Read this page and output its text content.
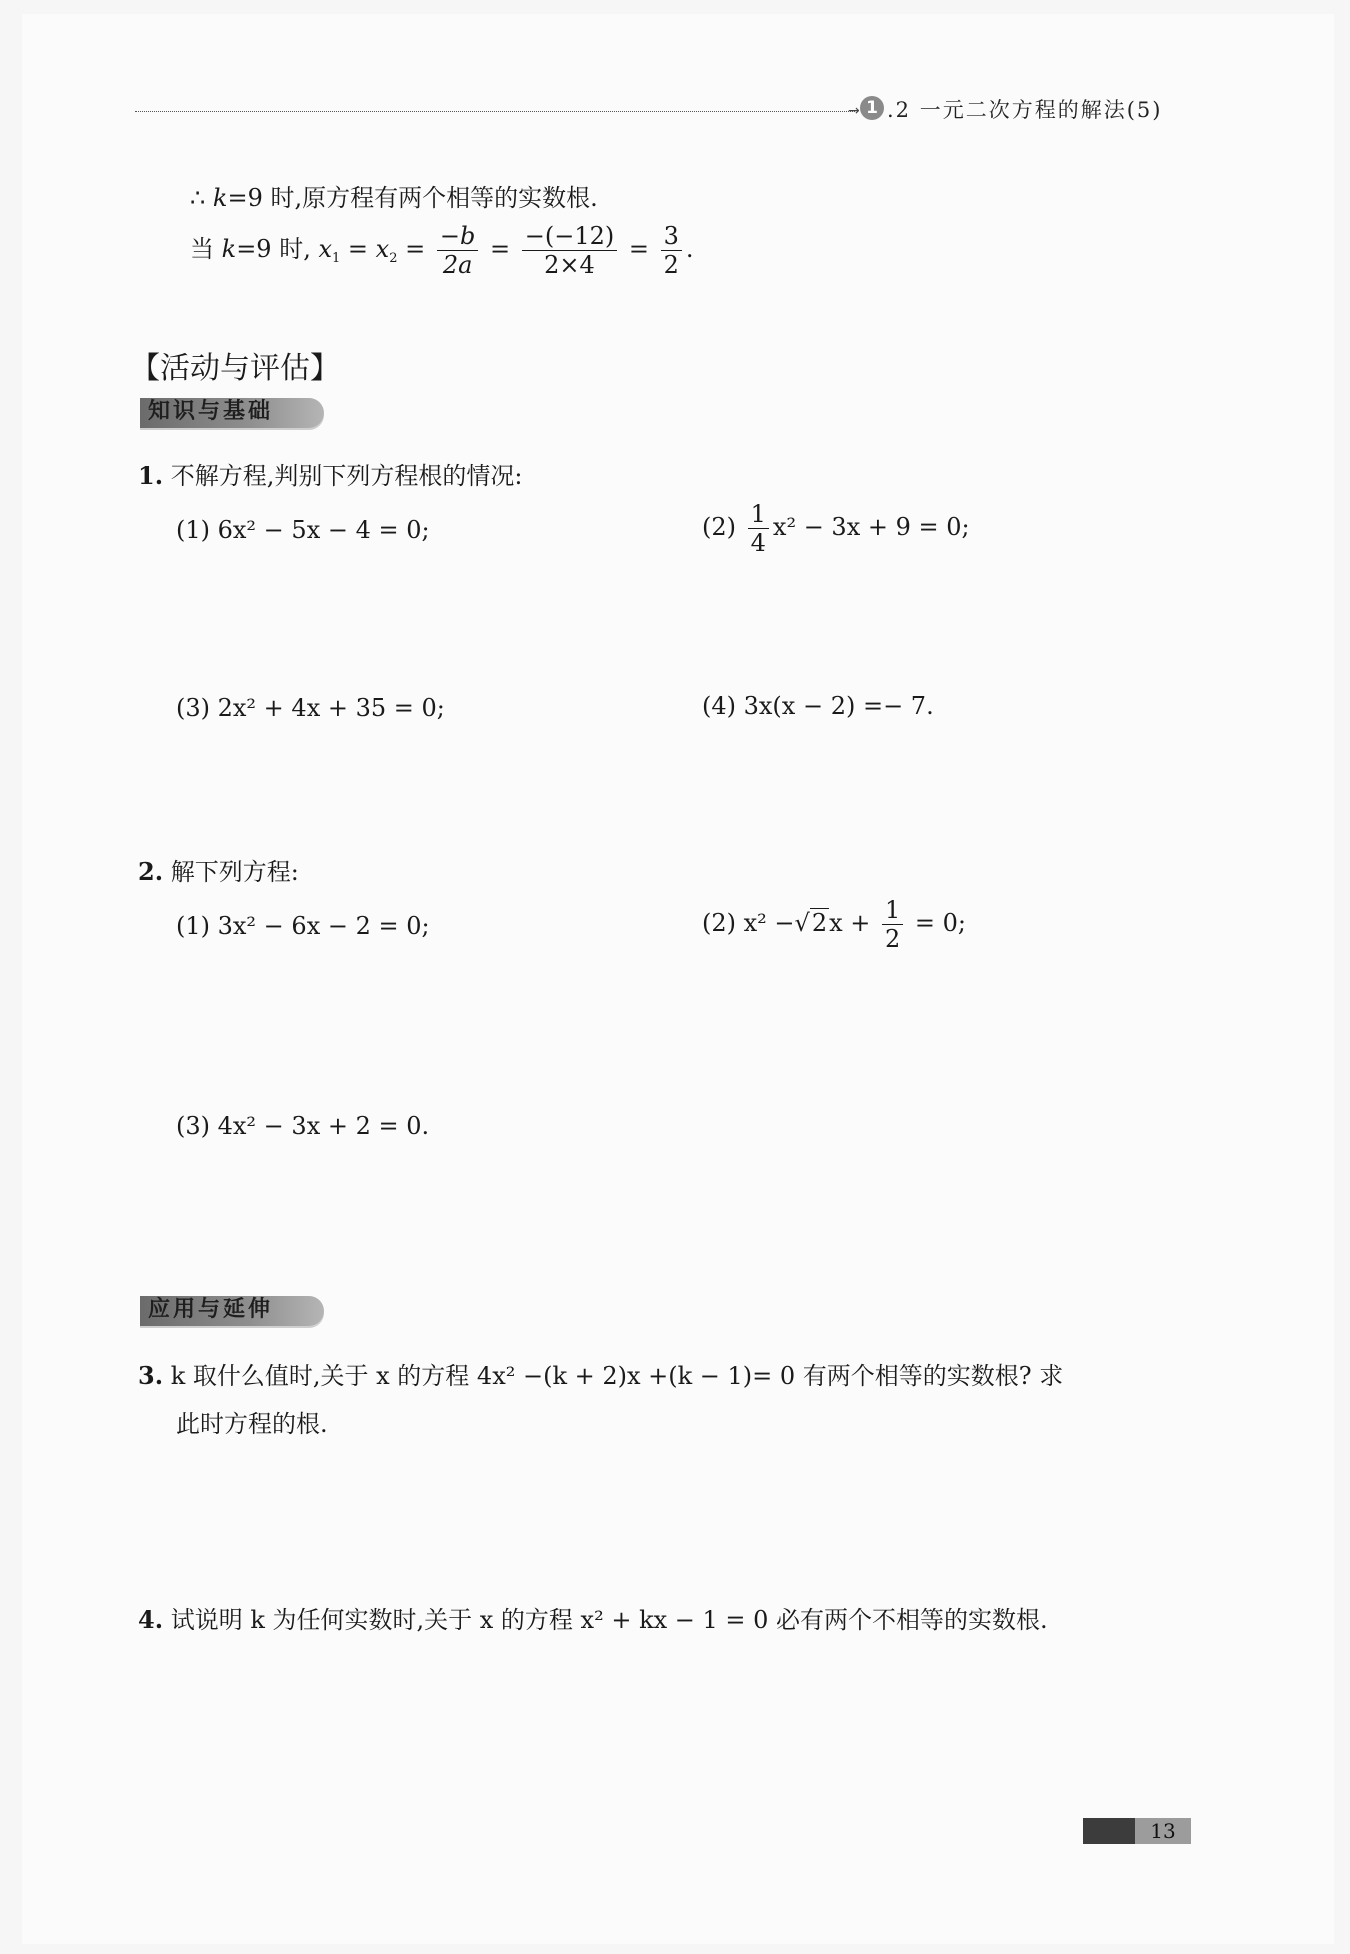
→ 1 .2 一元二次方程的解法(5)
∴ k=9 时,原方程有两个相等的实数根.
当 k=9 时, $x_1 = x_2 = \frac{-b}{2a} = \frac{-(-12)}{2\times 4} = \frac{3}{2}$ .
【活动与评估】
知识与基础
1. 不解方程,判别下列方程根的情况:
(1) 6x² − 5x − 4 = 0;	$(2) \frac{1}{4} x^2 - 3x + 9 = 0$;
(3) 2x² + 4x + 35 = 0;	(4) 3x(x − 2) =− 7.
2. 解下列方程:
(1) 3x² − 6x − 2 = 0;	(2) $x^2 -√2x + \frac{1}{2} = 0$;
(3) 4x² − 3x + 2 = 0.
应用与延伸
3. k 取什么值时,关于 x 的方程 4x² −(k + 2)x +(k − 1)= 0 有两个相等的实数根? 求
此时方程的根.
4. 试说明 k 为任何实数时,关于 x 的方程 x² + kx − 1 = 0 必有两个不相等的实数根.
13
